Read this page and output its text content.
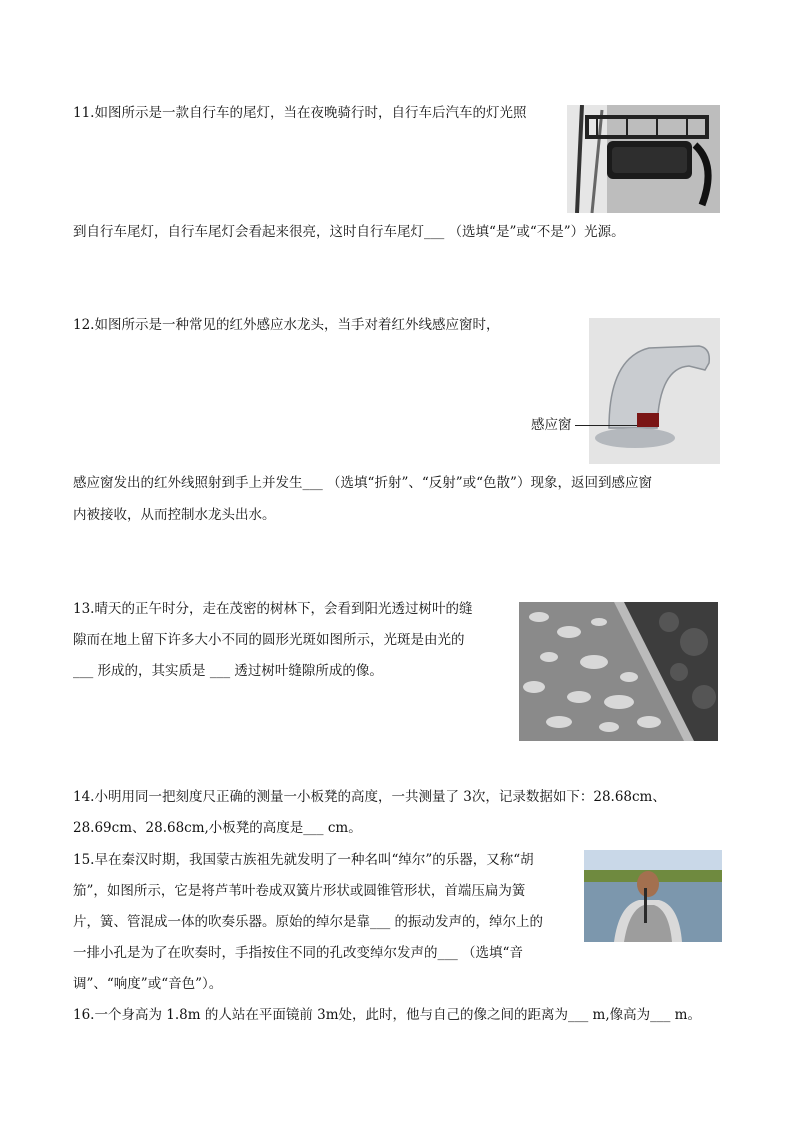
11.如图所示是一款自行车的尾灯，当在夜晚骑行时，自行车后汽车的灯光照
到自行车尾灯，自行车尾灯会看起来很亮，这时自行车尾灯___ （选填“是”或“不是”）光源。
12.如图所示是一种常见的红外感应水龙头，当手对着红外线感应窗时，
感应窗
感应窗发出的红外线照射到手上并发生___ （选填“折射”、“反射”或“色散”）现象，返回到感应窗
内被接收，从而控制水龙头出水。
13.晴天的正午时分，走在茂密的树林下，会看到阳光透过树叶的缝
隙而在地上留下许多大小不同的圆形光斑如图所示，光斑是由光的
___ 形成的，其实质是 ___ 透过树叶缝隙所成的像。
14.小明用同一把刻度尺正确的测量一小板凳的高度，一共测量了 3次，记录数据如下：28.68cm、
28.69cm、28.68cm,小板凳的高度是___ cm。
15.早在秦汉时期，我国蒙古族祖先就发明了一种名叫“绰尔”的乐器，又称“胡
笳”，如图所示，它是将芦苇叶卷成双簧片形状或圆锥管形状，首端压扁为簧
片，簧、管混成一体的吹奏乐器。原始的绰尔是靠___ 的振动发声的，绰尔上的
一排小孔是为了在吹奏时，手指按住不同的孔改变绰尔发声的___ （选填“音
调”、“响度”或“音色”）。
16.一个身高为 1.8m 的人站在平面镜前 3m处，此时，他与自己的像之间的距离为___ m,像高为___ m。
